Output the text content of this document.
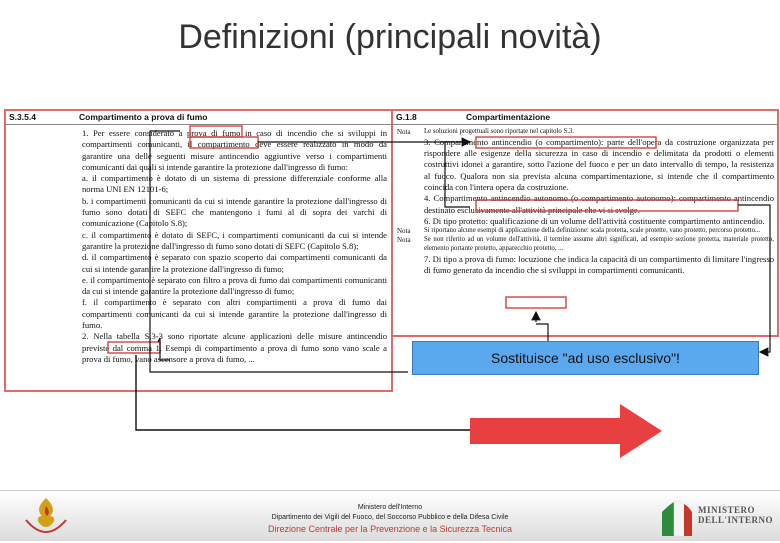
Definizioni (principali novità)
S.3.5.4	Compartimento a prova di fumo

1. Per essere considerato a prova di fumo in caso di incendio che si sviluppi in compartimenti comunicanti, il compartimento deve essere realizzato in modo da garantire una delle seguenti misure antincendio aggiuntive verso i compartimenti comunicanti dai quali si intende garantire la protezione dall'ingresso di fumo:

a. il compartimento è dotato di un sistema di pressione differenziale conforme alla norma UNI EN 12101-6;

b. i compartimenti comunicanti da cui si intende garantire la protezione dall'ingresso di fumo sono dotati di SEFC che mantengono i fumi al di sopra dei varchi di comunicazione (Capitolo S.8);

c. il compartimento è dotato di SEFC, i compartimenti comunicanti da cui si intende garantire la protezione dall'ingresso di fumo sono dotati di SEFC (Capitolo S.8);

d. il compartimento è separato con spazio scoperto dai compartimenti comunicanti da cui si intende garantire la protezione dall'ingresso di fumo;

e. il compartimento è separato con filtro a prova di fumo dai compartimenti comunicanti da cui si intende garantire la protezione dall'ingresso di fumo;

f. il compartimento è separato con altri compartimenti a prova di fumo dai compartimenti comunicanti da cui si intende garantire la protezione dall'ingresso di fumo.

2. Nella tabella S.3-3 sono riportate alcune applicazioni delle misure antincendio previste dal comma 1. Esempi di compartimento a prova di fumo sono vano scale a prova di fumo, vano ascensore a prova di fumo, ...

G.1.8	Compartimentazione
Nota	Le soluzioni progettuali sono riportate nel capitolo S.3.
3. Compartimento antincendio (o compartimento): parte dell'opera da costruzione organizzata per rispondere alle esigenze della sicurezza in caso di incendio e delimitata da prodotti o elementi costruttivi idonei a garantire, sotto l'azione del fuoco e per un dato intervallo di tempo, la resistenza al fuoco. Qualora non sia prevista alcuna compartimentazione, si intende che il compartimento coincida con l'intera opera da costruzione.
4. Compartimento antincendio autonomo (o compartimento autonomo): compartimento antincendio destinato esclusivamente all'attività principale che vi si svolge.
6. Di tipo protetto: qualificazione di un volume dell'attività costituente compartimento antincendio.
Nota	Si riportano alcune esempi di applicazione della definizione: scala protetta, scale protette, vano protetto, percorso protetto...
Nota	Se non riferito ad un volume dell'attività, il termine assume altri significati, ad esempio sezione protetta, materiale protetto, elemento portante protetto, apparecchio protetto, ...
7. Di tipo a prova di fumo: locuzione che indica la capacità di un compartimento di limitare l'ingresso di fumo generato da incendio che si sviluppi in compartimenti comunicanti.
Sostituisce "ad uso esclusivo"!
Ministero dell'Interno
Dipartimento dei Vigili del Fuoco, del Soccorso Pubblico e della Difesa Civile
Direzione Centrale per la Prevenzione e la Sicurezza Tecnica
MINISTERO DELL'INTERNO
